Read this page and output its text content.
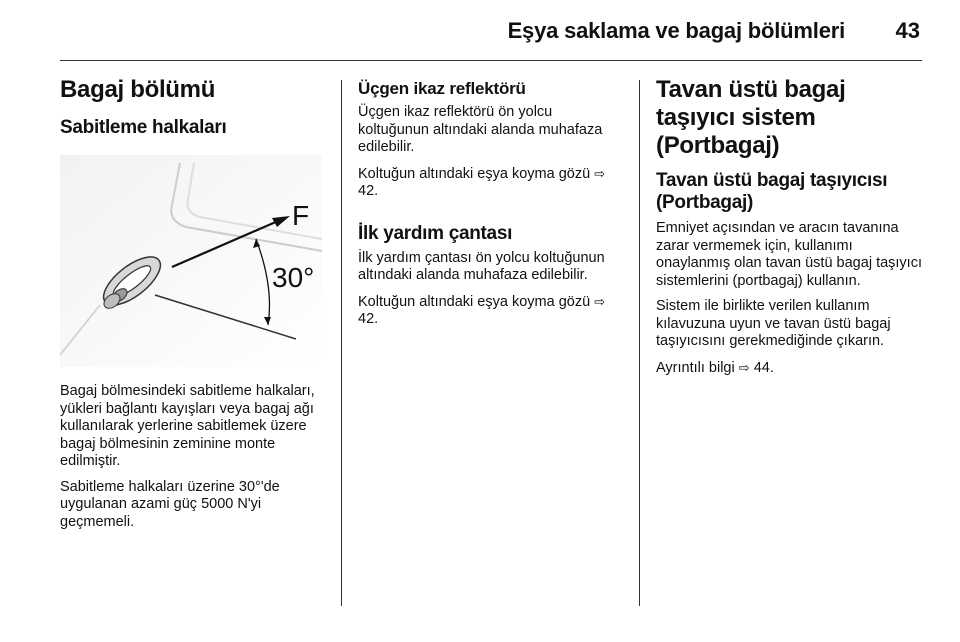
Eşya saklama ve bagaj bölümleri 43
Bagaj bölümü
Sabitleme halkaları
F
30°

Bagaj bölmesindeki sabitleme halkaları, yükleri bağlantı kayışları veya bagaj ağı kullanılarak yerlerine sabitlemek üzere bagaj bölmesinin zeminine monte edilmiştir.

Sabitleme halkaları üzerine 30°'de uygulanan azami güç 5000 N'yi geçmemeli.

Üçgen ikaz reflektörü

Üçgen ikaz reflektörü ön yolcu koltuğunun altındaki alanda muhafaza edilebilir.

Koltuğun altındaki eşya koyma gözü ⇨ 42.

İlk yardım çantası

İlk yardım çantası ön yolcu koltuğunun altındaki alanda muhafaza edilebilir.

Koltuğun altındaki eşya koyma gözü ⇨ 42.

Tavan üstü bagaj taşıyıcı sistem (Portbagaj)
Tavan üstü bagaj taşıyıcısı (Portbagaj)

Emniyet açısından ve aracın tavanına zarar vermemek için, kullanımı onaylanmış olan tavan üstü bagaj taşıyıcı sistemlerini (portbagaj) kullanın.

Sistem ile birlikte verilen kullanım kılavuzuna uyun ve tavan üstü bagaj taşıyıcısını gerekmediğinde çıkarın.

Ayrıntılı bilgi ⇨ 44.
